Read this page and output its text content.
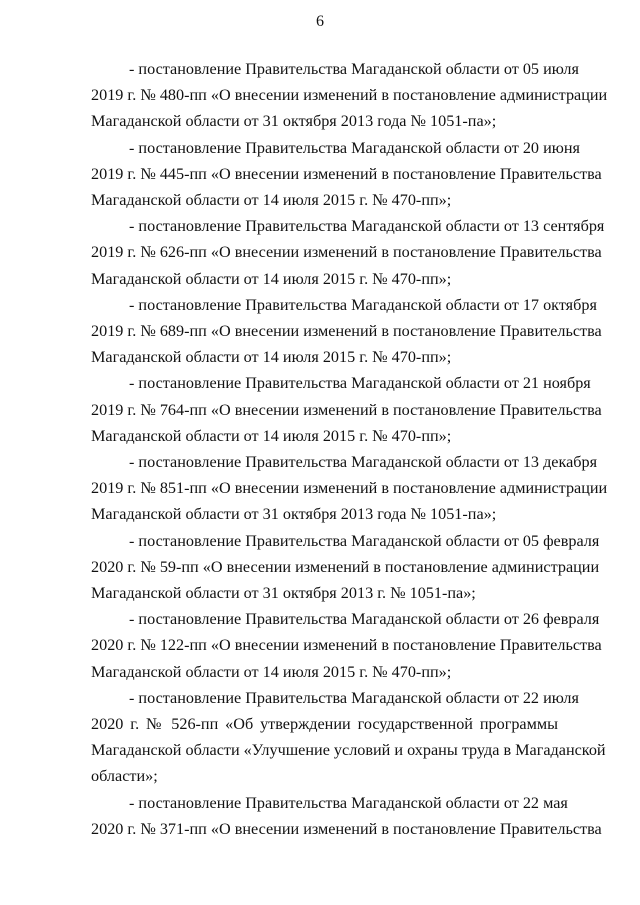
6
- постановление Правительства Магаданской области от 05 июля
2019 г. № 480-пп «О внесении изменений в постановление администрации
Магаданской области от 31 октября 2013 года № 1051-па»;
- постановление Правительства Магаданской области от 20 июня
2019 г. № 445-пп «О внесении изменений в постановление Правительства
Магаданской области от 14 июля 2015 г. № 470-пп»;
- постановление Правительства Магаданской области от 13 сентября
2019 г. № 626-пп «О внесении изменений в постановление Правительства
Магаданской области от 14 июля 2015 г. № 470-пп»;
- постановление Правительства Магаданской области от 17 октября
2019 г. № 689-пп «О внесении изменений в постановление Правительства
Магаданской области от 14 июля 2015 г. № 470-пп»;
- постановление Правительства Магаданской области от 21 ноября
2019 г. № 764-пп «О внесении изменений в постановление Правительства
Магаданской области от 14 июля 2015 г. № 470-пп»;
- постановление Правительства Магаданской области от 13 декабря
2019 г. № 851-пп «О внесении изменений в постановление администрации
Магаданской области от 31 октября 2013 года № 1051-па»;
- постановление Правительства Магаданской области от 05 февраля
2020 г. № 59-пп «О внесении изменений в постановление администрации
Магаданской области от 31 октября 2013 г. № 1051-па»;
- постановление Правительства Магаданской области от 26 февраля
2020 г. № 122-пп «О внесении изменений в постановление Правительства
Магаданской области от 14 июля 2015 г. № 470-пп»;
- постановление Правительства Магаданской области от 22 июля
2020 г. № 526-пп «Об утверждении государственной программы
Магаданской области «Улучшение условий и охраны труда в Магаданской
области»;
- постановление Правительства Магаданской области от 22 мая
2020 г. № 371-пп «О внесении изменений в постановление Правительства
